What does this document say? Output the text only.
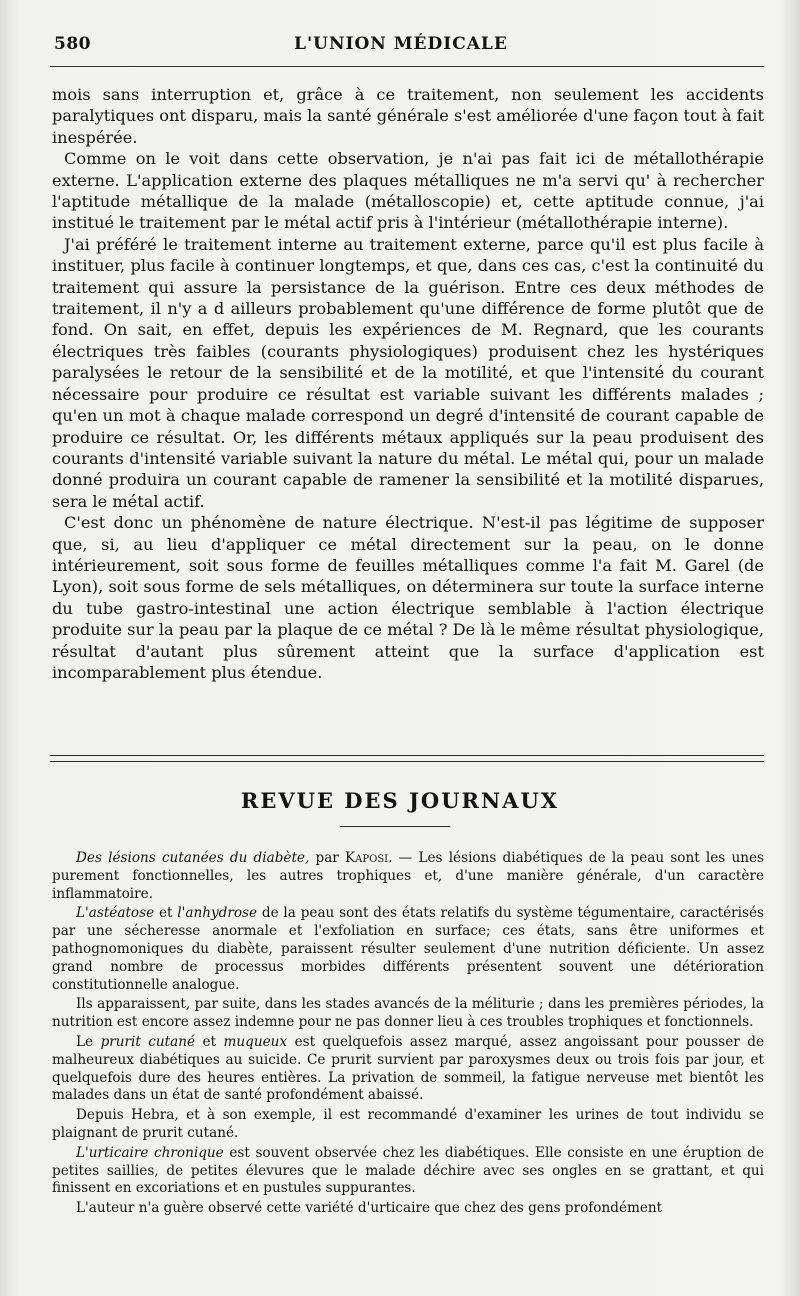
580	L'UNION MÉDICALE

mois sans interruption et, grâce à ce traitement, non seulement les accidents paralytiques ont disparu, mais la santé générale s'est améliorée d'une façon tout à fait inespérée.

Comme on le voit dans cette observation, je n'ai pas fait ici de métallothérapie externe. L'application externe des plaques métalliques ne m'a servi qu' à rechercher l'aptitude métallique de la malade (métalloscopie) et, cette aptitude connue, j'ai institué le traitement par le métal actif pris à l'intérieur (métallothérapie interne).

J'ai préféré le traitement interne au traitement externe, parce qu'il est plus facile à instituer, plus facile à continuer longtemps, et que, dans ces cas, c'est la continuité du traitement qui assure la persistance de la guérison. Entre ces deux méthodes de traitement, il n'y a d ailleurs probablement qu'une différence de forme plutôt que de fond. On sait, en effet, depuis les expériences de M. Regnard, que les courants électriques très faibles (courants physiologiques) produisent chez les hystériques paralysées le retour de la sensibilité et de la motilité, et que l'intensité du courant nécessaire pour produire ce résultat est variable suivant les différents malades ; qu'en un mot à chaque malade correspond un degré d'intensité de courant capable de produire ce résultat. Or, les différents métaux appliqués sur la peau produisent des courants d'intensité variable suivant la nature du métal. Le métal qui, pour un malade donné produira un courant capable de ramener la sensibilité et la motilité disparues, sera le métal actif.

C'est donc un phénomène de nature électrique. N'est-il pas légitime de supposer que, si, au lieu d'appliquer ce métal directement sur la peau, on le donne intérieurement, soit sous forme de feuilles métalliques comme l'a fait M. Garel (de Lyon), soit sous forme de sels métalliques, on déterminera sur toute la surface interne du tube gastro-intestinal une action électrique semblable à l'action électrique produite sur la peau par la plaque de ce métal ? De là le même résultat physiologique, résultat d'autant plus sûrement atteint que la surface d'application est incomparablement plus étendue.

REVUE DES JOURNAUX

Des lésions cutanées du diabète, par Kaposi. — Les lésions diabétiques de la peau sont les unes purement fonctionnelles, les autres trophiques et, d'une manière générale, d'un caractère inflammatoire.

L'astéatose et l'anhydrose de la peau sont des états relatifs du système tégumentaire, caractérisés par une sécheresse anormale et l'exfoliation en surface; ces états, sans être uniformes et pathognomoniques du diabète, paraissent résulter seulement d'une nutrition déficiente. Un assez grand nombre de processus morbides différents présentent souvent une détérioration constitutionnelle analogue.

Ils apparaissent, par suite, dans les stades avancés de la méliturie ; dans les premières périodes, la nutrition est encore assez indemne pour ne pas donner lieu à ces troubles trophiques et fonctionnels.

Le prurit cutané et muqueux est quelquefois assez marqué, assez angoissant pour pousser de malheureux diabétiques au suicide. Ce prurit survient par paroxysmes deux ou trois fois par jour, et quelquefois dure des heures entières. La privation de sommeil, la fatigue nerveuse met bientôt les malades dans un état de santé profondément abaissé.

Depuis Hebra, et à son exemple, il est recommandé d'examiner les urines de tout individu se plaignant de prurit cutané.

L'urticaire chronique est souvent observée chez les diabétiques. Elle consiste en une éruption de petites saillies, de petites élevures que le malade déchire avec ses ongles en se grattant, et qui finissent en excoriations et en pustules suppurantes.

L'auteur n'a guère observé cette variété d'urticaire que chez des gens profondément
